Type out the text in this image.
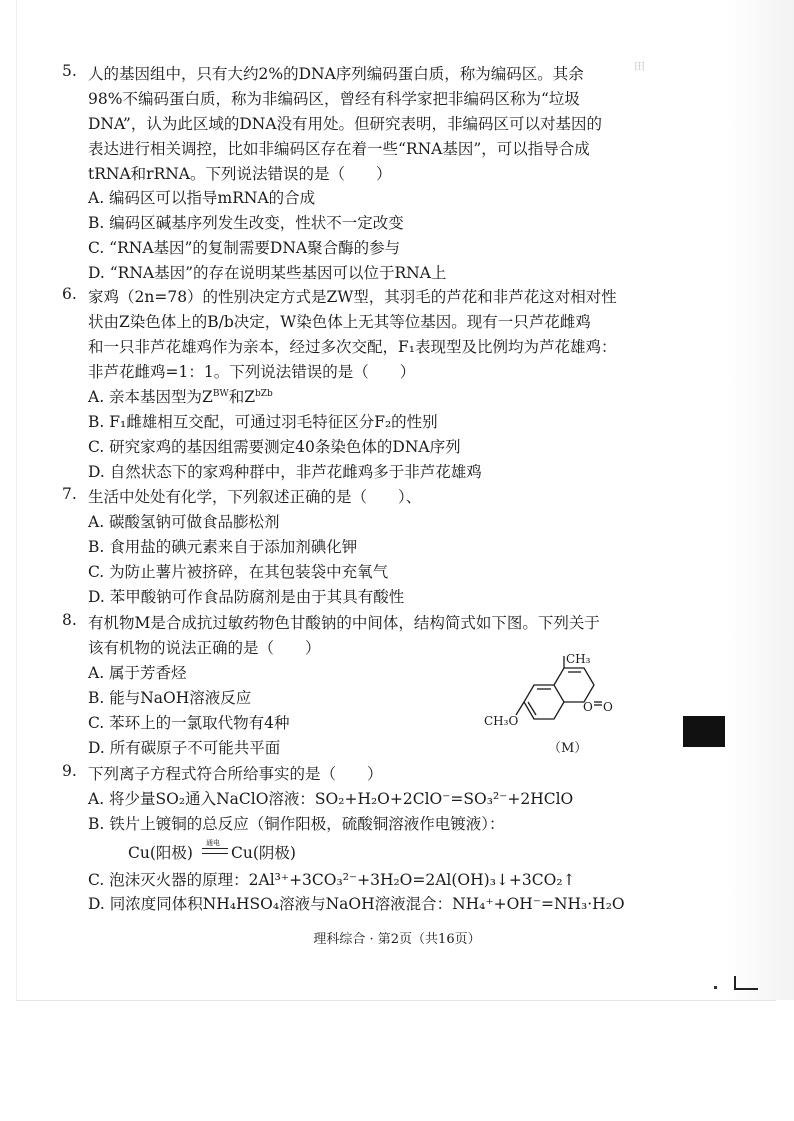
田
5. 人的基因组中，只有大约2%的DNA序列编码蛋白质，称为编码区。其余
98%不编码蛋白质，称为非编码区，曾经有科学家把非编码区称为“垃圾
DNA”，认为此区域的DNA没有用处。但研究表明，非编码区可以对基因的
表达进行相关调控，比如非编码区存在着一些“RNA基因”，可以指导合成
tRNA和rRNA。下列说法错误的是（　　）
A. 编码区可以指导mRNA的合成
B. 编码区碱基序列发生改变，性状不一定改变
C. “RNA基因”的复制需要DNA聚合酶的参与
D. “RNA基因”的存在说明某些基因可以位于RNA上
6. 家鸡（2n=78）的性别决定方式是ZW型，其羽毛的芦花和非芦花这对相对性
状由Z染色体上的B/b决定，W染色体上无其等位基因。现有一只芦花雌鸡
和一只非芦花雄鸡作为亲本，经过多次交配，F₁表现型及比例均为芦花雄鸡：
非芦花雌鸡=1：1。下列说法错误的是（　　）
A. 亲本基因型为$Z^{BW}$和$Z^{bZb}$
B. F₁雌雄相互交配，可通过羽毛特征区分F₂的性别
C. 研究家鸡的基因组需要测定40条染色体的DNA序列
D. 自然状态下的家鸡种群中，非芦花雌鸡多于非芦花雄鸡
7. 生活中处处有化学，下列叙述正确的是（　　）、
A. 碳酸氢钠可做食品膨松剂
B. 食用盐的碘元素来自于添加剂碘化钾
C. 为防止薯片被挤碎，在其包装袋中充氧气
D. 苯甲酸钠可作食品防腐剂是由于其具有酸性
8. 有机物M是合成抗过敏药物色甘酸钠的中间体，结构简式如下图。下列关于
该有机物的说法正确的是（　　）
A. 属于芳香烃
B. 能与NaOH溶液反应
C. 苯环上的一氯取代物有4种
D. 所有碳原子不可能共平面
CH₃
CH₃O
O O
（M）
9. 下列离子方程式符合所给事实的是（　　）
A. 将少量SO₂通入NaClO溶液：SO₂+H₂O+2ClO⁻=SO₃²⁻+2HClO
B. 铁片上镀铜的总反应（铜作阳极，硫酸铜溶液作电镀液）：
Cu(阳极)
通电
Cu(阴极)
C. 泡沫灭火器的原理：2Al³⁺+3CO₃²⁻+3H₂O=2Al(OH)₃↓+3CO₂↑
D. 同浓度同体积NH₄HSO₄溶液与NaOH溶液混合：NH₄⁺+OH⁻=NH₃·H₂O
理科综合 · 第2页（共16页）
